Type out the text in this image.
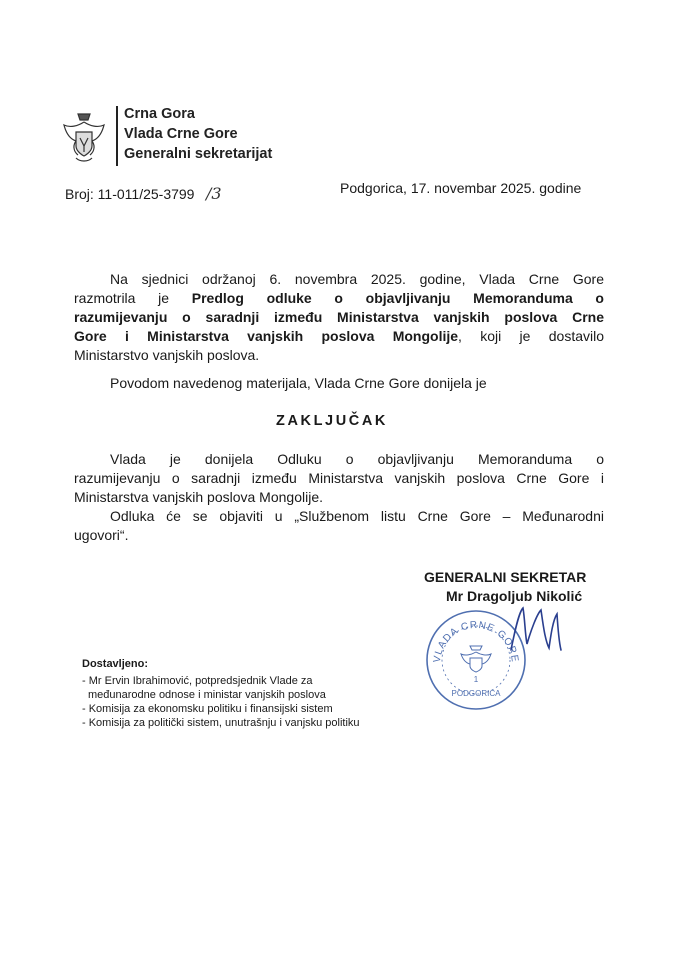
Crna Gora
Vlada Crne Gore
Generalni sekretarijat
Broj: 11-011/25-3799 /3	Podgorica, 17. novembar 2025. godine
Na sjednici održanoj 6. novembra 2025. godine, Vlada Crne Gore
razmotrila je Predlog odluke o objavljivanju Memoranduma o
razumijevanju o saradnji između Ministarstva vanjskih poslova Crne
Gore i Ministarstva vanjskih poslova Mongolije, koji je dostavilo
Ministarstvo vanjskih poslova.
Povodom navedenog materijala, Vlada Crne Gore donijela je
ZAKLJUČAK
Vlada je donijela Odluku o objavljivanju Memoranduma o
razumijevanju o saradnji između Ministarstva vanjskih poslova Crne Gore i
Ministarstva vanjskih poslova Mongolije.
Odluka će se objaviti u „Službenom listu Crne Gore – Međunarodni
ugovori“.
GENERALNI SEKRETAR
Mr Dragoljub Nikolić
VLADA CRNE GORE
1
PODGORICA
Dostavljeno:
- Mr Ervin Ibrahimović, potpredsjednik Vlade za
međunarodne odnose i ministar vanjskih poslova
- Komisija za ekonomsku politiku i finansijski sistem
- Komisija za politički sistem, unutrašnju i vanjsku politiku
